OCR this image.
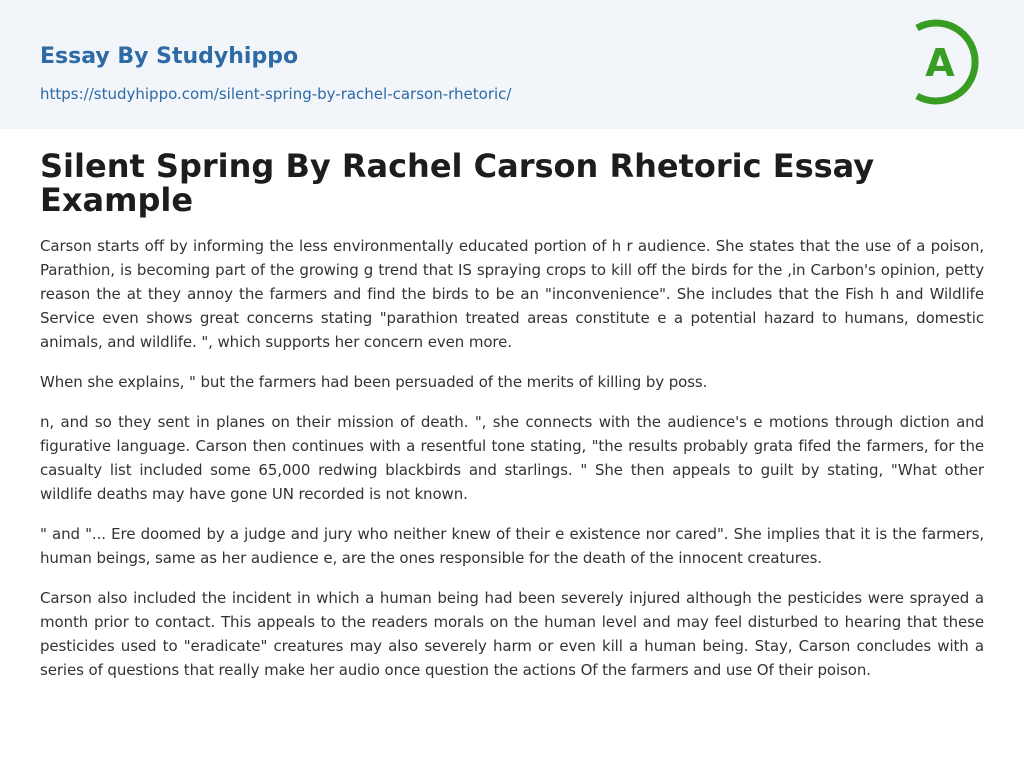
Essay By Studyhippo
https://studyhippo.com/silent-spring-by-rachel-carson-rhetoric/
A
Silent Spring By Rachel Carson Rhetoric Essay Example

Carson starts off by informing the less environmentally educated portion of h r audience. She states that the use of a poison, Parathion, is becoming part of the growing g trend that IS spraying crops to kill off the birds for the ,in Carbon's opinion, petty reason the at they annoy the farmers and find the birds to be an "inconvenience". She includes that the Fish h and Wildlife Service even shows great concerns stating "parathion treated areas constitute e a potential hazard to humans, domestic animals, and wildlife. ", which supports her concern even more.

When she explains, " but the farmers had been persuaded of the merits of killing by poss.

n, and so they sent in planes on their mission of death. ", she connects with the audience's e motions through diction and figurative language. Carson then continues with a resentful tone stating, "the results probably grata fifed the farmers, for the casualty list included some 65,000 redwing blackbirds and starlings. " She then appeals to guilt by stating, "What other wildlife deaths may have gone UN recorded is not known.

" and "... Ere doomed by a judge and jury who neither knew of their e existence nor cared". She implies that it is the farmers, human beings, same as her audience e, are the ones responsible for the death of the innocent creatures.

Carson also included the incident in which a human being had been severely injured although the pesticides were sprayed a month prior to contact. This appeals to the readers morals on the human level and may feel disturbed to hearing that these pesticides used to "eradicate" creatures may also severely harm or even kill a human being. Stay, Carson concludes with a series of questions that really make her audio once question the actions Of the farmers and use Of their poison.
